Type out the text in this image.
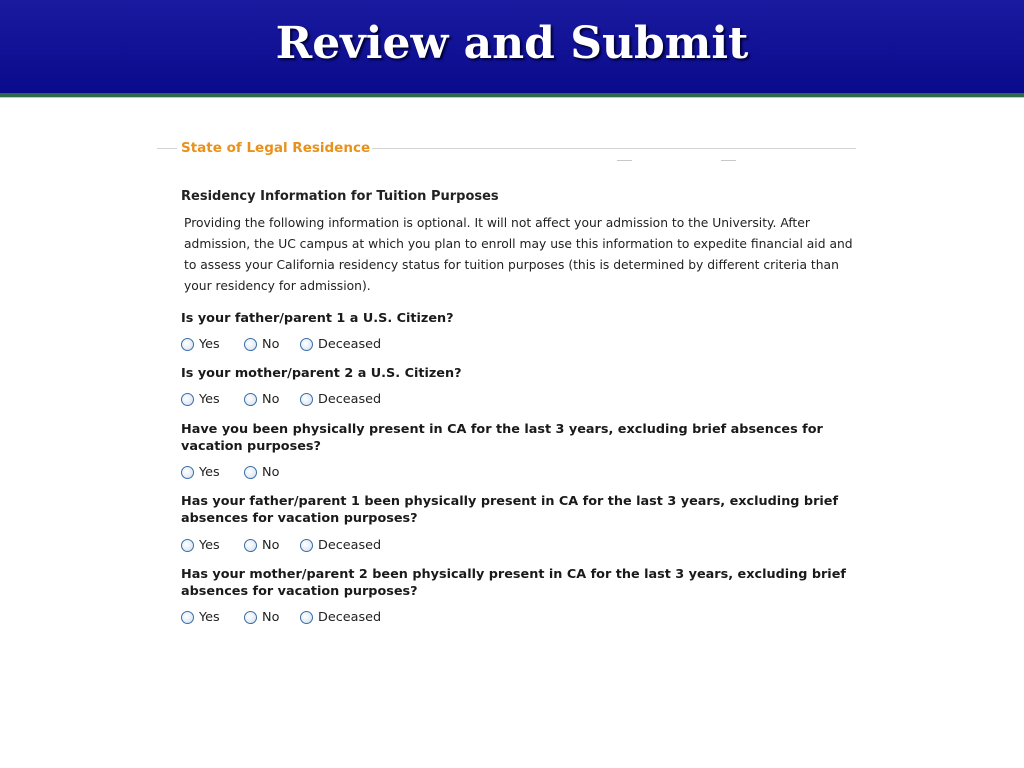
Review and Submit
State of Legal Residence
Residency Information for Tuition Purposes
Providing the following information is optional. It will not affect your admission to the University. After admission, the UC campus at which you plan to enroll may use this information to expedite financial aid and to assess your California residency status for tuition purposes (this is determined by different criteria than your residency for admission).
Is your father/parent 1 a U.S. Citizen?
Yes	No	Deceased
Is your mother/parent 2 a U.S. Citizen?
Yes	No	Deceased
Have you been physically present in CA for the last 3 years, excluding brief absences for vacation purposes?
Yes	No
Has your father/parent 1 been physically present in CA for the last 3 years, excluding brief absences for vacation purposes?
Yes	No	Deceased
Has your mother/parent 2 been physically present in CA for the last 3 years, excluding brief absences for vacation purposes?
Yes	No	Deceased
